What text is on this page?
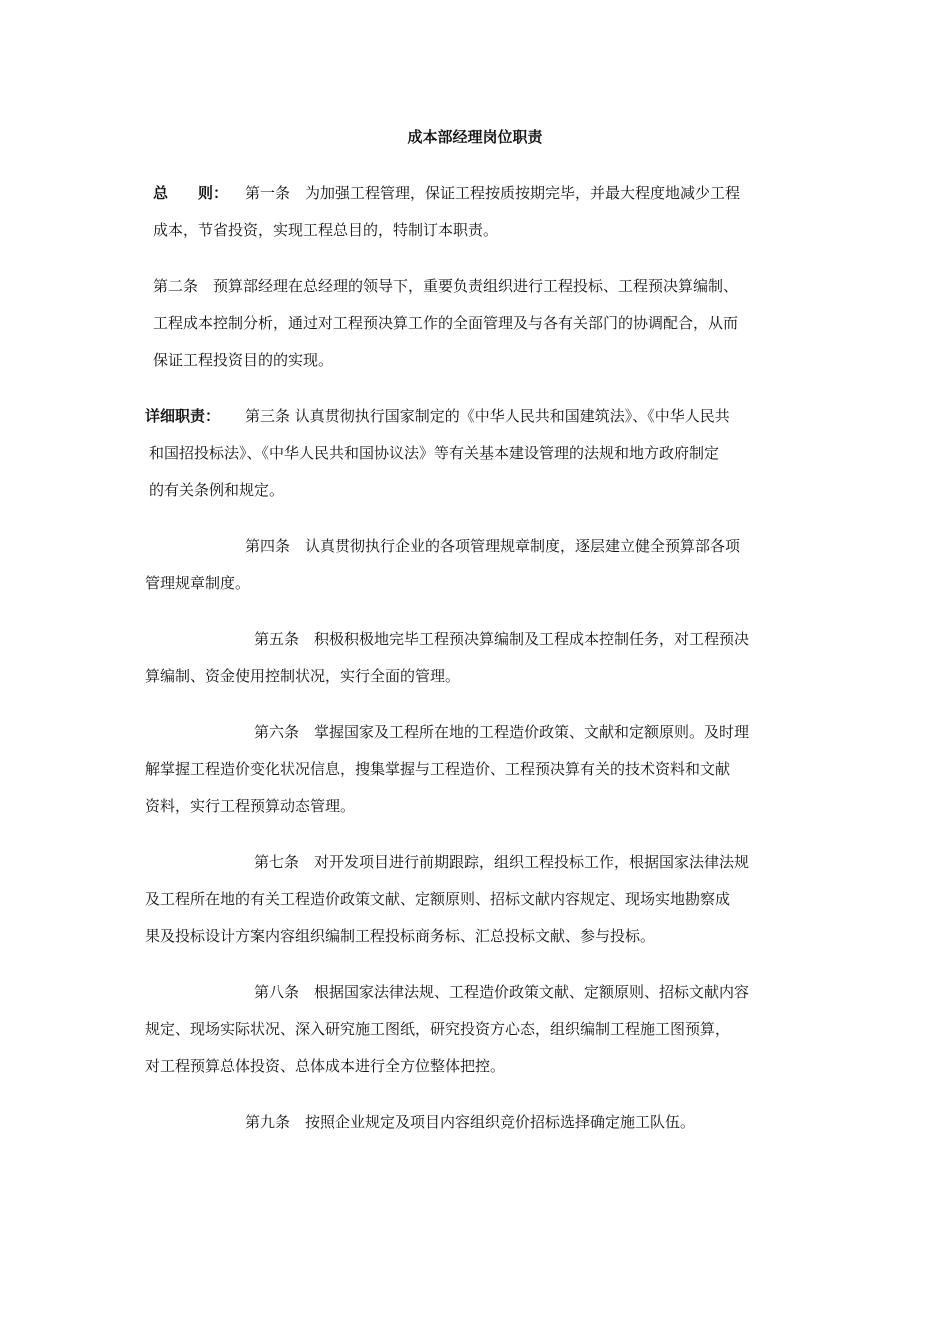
成本部经理岗位职责
总　　则： 第一条　为加强工程管理，保证工程按质按期完毕，并最大程度地减少工程
成本，节省投资，实现工程总目的，特制订本职责。
第二条　预算部经理在总经理的领导下，重要负责组织进行工程投标、工程预决算编制、
工程成本控制分析，通过对工程预决算工作的全面管理及与各有关部门的协调配合，从而
保证工程投资目的的实现。
详细职责： 第三条 认真贯彻执行国家制定的《中华人民共和国建筑法》、《中华人民共
和国招投标法》、《中华人民共和国协议法》等有关基本建设管理的法规和地方政府制定
的有关条例和规定。
第四条　认真贯彻执行企业的各项管理规章制度，逐层建立健全预算部各项
管理规章制度。
第五条　积极积极地完毕工程预决算编制及工程成本控制任务，对工程预决
算编制、资金使用控制状况，实行全面的管理。
第六条　掌握国家及工程所在地的工程造价政策、文献和定额原则。及时理
解掌握工程造价变化状况信息，搜集掌握与工程造价、工程预决算有关的技术资料和文献
资料，实行工程预算动态管理。
第七条　对开发项目进行前期跟踪，组织工程投标工作，根据国家法律法规
及工程所在地的有关工程造价政策文献、定额原则、招标文献内容规定、现场实地勘察成
果及投标设计方案内容组织编制工程投标商务标、汇总投标文献、参与投标。
第八条　根据国家法律法规、工程造价政策文献、定额原则、招标文献内容
规定、现场实际状况、深入研究施工图纸，研究投资方心态，组织编制工程施工图预算，
对工程预算总体投资、总体成本进行全方位整体把控。
第九条　按照企业规定及项目内容组织竞价招标选择确定施工队伍。
